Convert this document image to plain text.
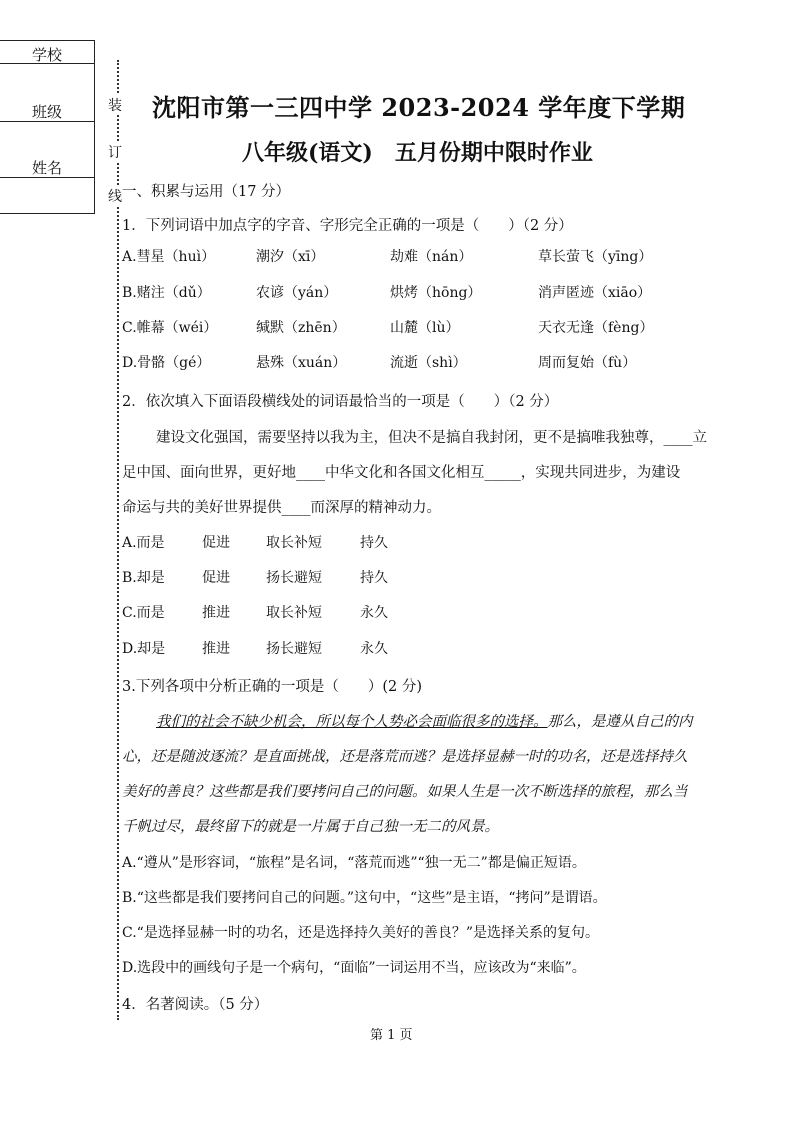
学校
班级
姓名
装
订
线
沈阳市第一三四中学 2023-2024 学年度下学期
八年级(语文)　五月份期中限时作业
一、积累与运用（17 分）
1．下列词语中加点字的字音、字形完全正确的一项是（　　）（2 分）
A.彗星（huì）	潮汐（xī）	劫难（nán）	草长萤飞（yīng）
B.赌注（dǔ）	农谚（yán）	烘烤（hōng）	消声匿迹（xiāo）
C.帷幕（wéi）	缄默（zhēn）	山麓（lù）	天衣无逢（fèng）
D.骨骼（gé）	悬殊（xuán）	流逝（shì）	周而复始（fù）
2．依次填入下面语段横线处的词语最恰当的一项是（　　）（2 分）
建设文化强国，需要坚持以我为主，但决不是搞自我封闭，更不是搞唯我独尊，____立
足中国、面向世界，更好地____中华文化和各国文化相互_____，实现共同进步，为建设
命运与共的美好世界提供____而深厚的精神动力。
A.而是	促进	取长补短	持久
B.却是	促进	扬长避短	持久
C.而是	推进	取长补短	永久
D.却是	推进	扬长避短	永久
3.下列各项中分析正确的一项是（　　）(2 分)
我们的社会不缺少机会，所以每个人势必会面临很多的选择。那么，是遵从自己的内
心，还是随波逐流？是直面挑战，还是落荒而逃？是选择显赫一时的功名，还是选择持久
美好的善良？这些都是我们要拷问自己的问题。如果人生是一次不断选择的旅程，那么当
千帆过尽，最终留下的就是一片属于自己独一无二的风景。
A.“遵从”是形容词，“旅程”是名词，“落荒而逃”“独一无二”都是偏正短语。
B.“这些都是我们要拷问自己的问题。”这句中，“这些”是主语，“拷问”是谓语。
C.“是选择显赫一时的功名，还是选择持久美好的善良？”是选择关系的复句。
D.选段中的画线句子是一个病句，“面临”一词运用不当，应该改为“来临”。
4．名著阅读。（5 分）
第 1 页
